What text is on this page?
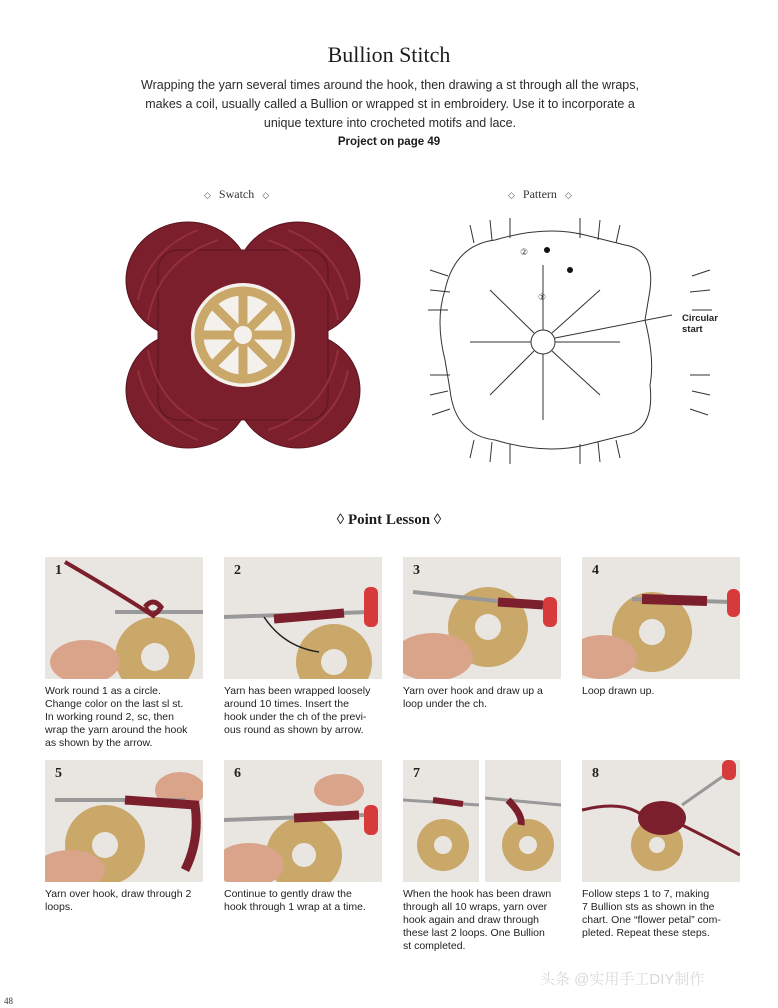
Bullion Stitch
Wrapping the yarn several times around the hook, then drawing a st through all the wraps, makes a coil, usually called a Bullion or wrapped st in embroidery. Use it to incorporate a unique texture into crocheted motifs and lace.
Project on page 49
◇ Swatch ◇	◇ Pattern ◇
②
①
Circular
start
◊ Point Lesson ◊
1
Work round 1 as a circle.
Change color on the last sl st.
In working round 2, sc, then
wrap the yarn around the hook
as shown by the arrow.
2
Yarn has been wrapped loosely
around 10 times. Insert the
hook under the ch of the previ-
ous round as shown by arrow.
3
Yarn over hook and draw up a
loop under the ch.
4
Loop drawn up.
5
Yarn over hook, draw through 2
loops.
6
Continue to gently draw the
hook through 1 wrap at a time.
7
When the hook has been drawn
through all 10 wraps, yarn over
hook again and draw through
these last 2 loops. One Bullion
st completed.
8
Follow steps 1 to 7, making
7 Bullion sts as shown in the
chart. One “flower petal” com-
pleted. Repeat these steps.
48
头条 @实用手工DIY制作
